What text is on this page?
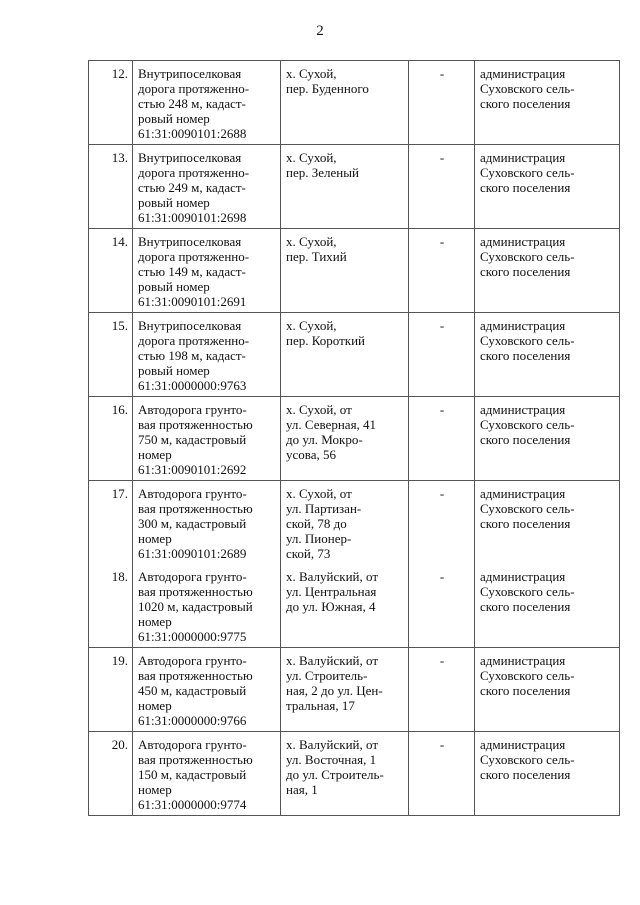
2
12.	Внутрипоселковая
дорога протяженно-
стью 248 м, кадаст-
ровый номер
61:31:0090101:2688	х. Сухой,
пер. Буденного	-	администрация
Суховского сель-
ского поселения
13.	Внутрипоселковая
дорога протяженно-
стью 249 м, кадаст-
ровый номер
61:31:0090101:2698	х. Сухой,
пер. Зеленый	-	администрация
Суховского сель-
ского поселения
14.	Внутрипоселковая
дорога протяженно-
стью 149 м, кадаст-
ровый номер
61:31:0090101:2691	х. Сухой,
пер. Тихий	-	администрация
Суховского сель-
ского поселения
15.	Внутрипоселковая
дорога протяженно-
стью 198 м, кадаст-
ровый номер
61:31:0000000:9763	х. Сухой,
пер. Короткий	-	администрация
Суховского сель-
ского поселения
16.	Автодорога грунто-
вая протяженностью
750 м, кадастровый
номер
61:31:0090101:2692	х. Сухой, от
ул. Северная, 41
до ул. Мокро-
усова, 56	-	администрация
Суховского сель-
ского поселения
17.	Автодорога грунто-
вая протяженностью
300 м, кадастровый
номер
61:31:0090101:2689	х. Сухой, от
ул. Партизан-
ской, 78 до
ул. Пионер-
ской, 73	-	администрация
Суховского сель-
ского поселения
18.	Автодорога грунто-
вая протяженностью
1020 м, кадастровый
номер
61:31:0000000:9775	х. Валуйский, от
ул. Центральная
до ул. Южная, 4	-	администрация
Суховского сель-
ского поселения
19.	Автодорога грунто-
вая протяженностью
450 м, кадастровый
номер
61:31:0000000:9766	х. Валуйский, от
ул. Строитель-
ная, 2 до ул. Цен-
тральная, 17	-	администрация
Суховского сель-
ского поселения
20.	Автодорога грунто-
вая протяженностью
150 м, кадастровый
номер
61:31:0000000:9774	х. Валуйский, от
ул. Восточная, 1
до ул. Строитель-
ная, 1	-	администрация
Суховского сель-
ского поселения
